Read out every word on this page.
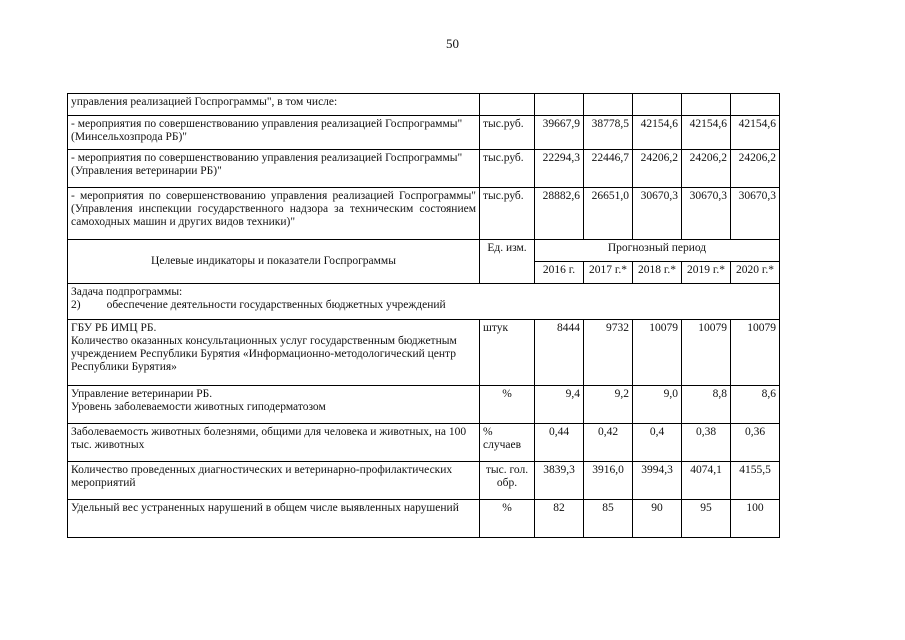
50
управления реализацией Госпрограммы", в том числе:						
- мероприятия по совершенствованию управления реализацией Госпрограммы" (Минсельхозпрода РБ)"	тыс.руб.	39667,9	38778,5	42154,6	42154,6	42154,6
- мероприятия по совершенствованию управления реализацией Госпрограммы" (Управления ветеринарии РБ)"	тыс.руб.	22294,3	22446,7	24206,2	24206,2	24206,2
- мероприятия по совершенствованию управления реализацией Госпрограммы" (Управления инспекции государственного надзора за техническим состоянием самоходных машин и других видов техники)"	тыс.руб.	28882,6	26651,0	30670,3	30670,3	30670,3
Целевые индикаторы и показатели Госпрограммы	Ед. изм.	Прогнозный период				
		2016 г.	2017 г.*	2018 г.*	2019 г.*	2020 г.*

Задача подпрограммы:
2) обеспечение деятельности государственных бюджетных учреждений						

ГБУ РБ ИМЦ РБ.
Количество оказанных консультационных услуг государственным бюджетным учреждением Республики Бурятия «Информационно-методологический центр Республики Бурятия»	штук	8444	9732	10079	10079	10079

Управление ветеринарии РБ.
Уровень заболеваемости животных гиподерматозом	%	9,4	9,2	9,0	8,8	8,6
Заболеваемость животных болезнями, общими для человека и животных, на 100 тыс. животных	% случаев	0,44	0,42	0,4	0,38	0,36
Количество проведенных диагностических и ветеринарно-профилактических мероприятий	тыс. гол. обр.	3839,3	3916,0	3994,3	4074,1	4155,5
Удельный вес устраненных нарушений в общем числе выявленных нарушений	%	82	85	90	95	100
